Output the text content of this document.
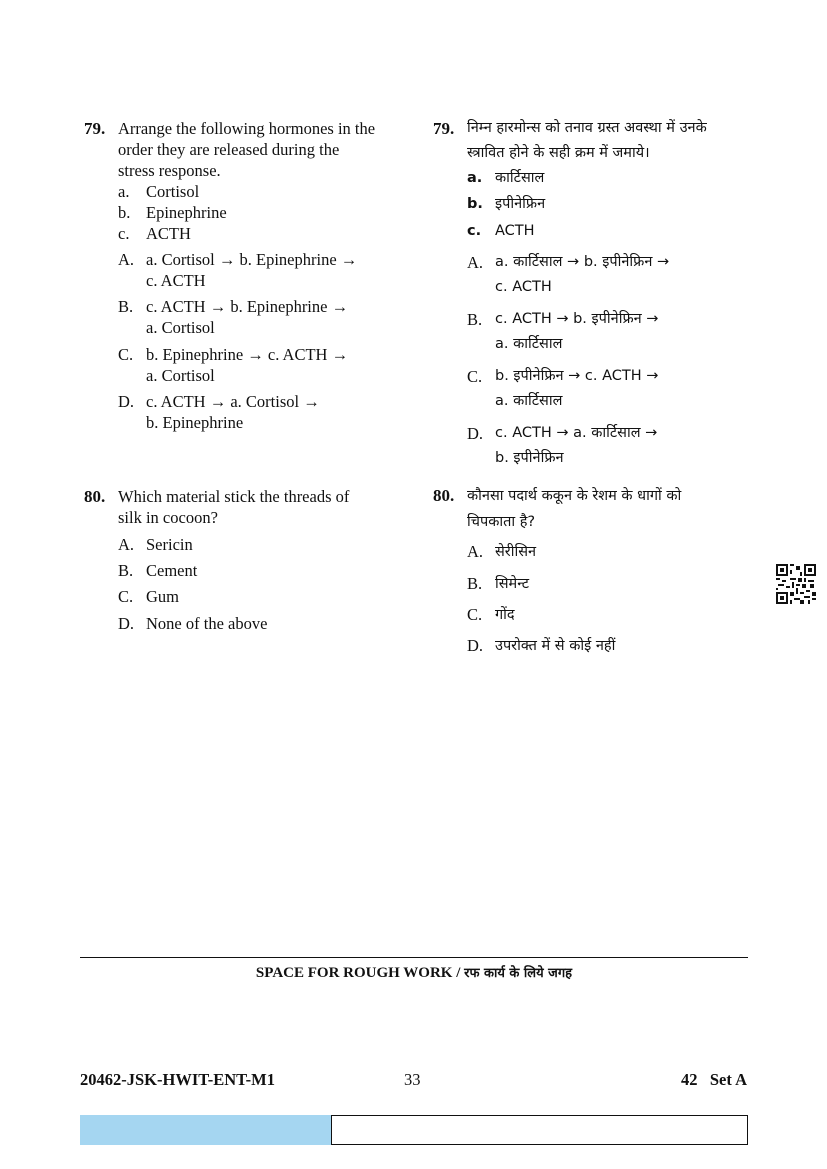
79. Arrange the following hormones in the
order they are released during the
stress response.
a. Cortisol
b. Epinephrine
c. ACTH
A. a. Cortisol → b. Epinephrine →
c. ACTH
B. c. ACTH → b. Epinephrine →
a. Cortisol
C. b. Epinephrine → c. ACTH →
a. Cortisol
D. c. ACTH → a. Cortisol →
b. Epinephrine
79. निम्न हारमोन्स को तनाव ग्रस्त अवस्था में उनके
स्त्रावित होने के सही क्रम में जमाये।
a. कार्टिसाल
b. इपीनेफ्रिन
c. ACTH
A. a. कार्टिसाल → b. इपीनेफ्रिन →
c. ACTH
B. c. ACTH → b. इपीनेफ्रिन →
a. कार्टिसाल
C. b. इपीनेफ्रिन → c. ACTH →
a. कार्टिसाल
D. c. ACTH → a. कार्टिसाल →
b. इपीनेफ्रिन
80. Which material stick the threads of
silk in cocoon?
A. Sericin
B. Cement
C. Gum
D. None of the above
80. कौनसा पदार्थ ककून के रेशम के धागों को
चिपकाता है?
A. सेरीसिन
B. सिमेन्ट
C. गोंद
D. उपरोक्त में से कोई नहीं
SPACE FOR ROUGH WORK / रफ कार्य के लिये जगह
20462-JSK-HWIT-ENT-M1	33	42   Set A
